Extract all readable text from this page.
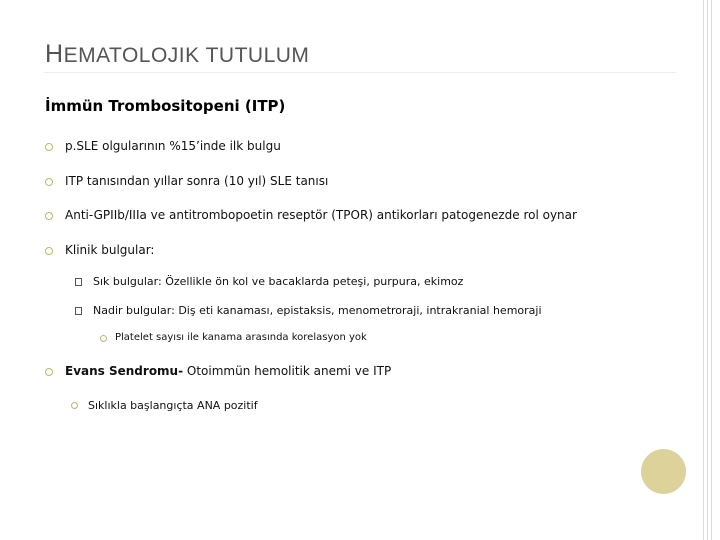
HEMATOLOJIK TUTULUM
İmmün Trombositopeni (ITP)
p.SLE olgularının %15’inde ilk bulgu
ITP tanısından yıllar sonra (10 yıl) SLE tanısı
Anti-GPIIb/IIIa ve antitrombopoetin reseptör (TPOR) antikorları patogenezde rol oynar
Klinik bulgular:
Sık bulgular: Özellikle ön kol ve bacaklarda peteşi, purpura, ekimoz
Nadir bulgular: Diş eti kanaması, epistaksis, menometroraji, intrakranial hemoraji
Platelet sayısı ile kanama arasında korelasyon yok
Evans Sendromu- Otoimmün hemolitik anemi ve ITP
Sıklıkla başlangıçta ANA pozitif
